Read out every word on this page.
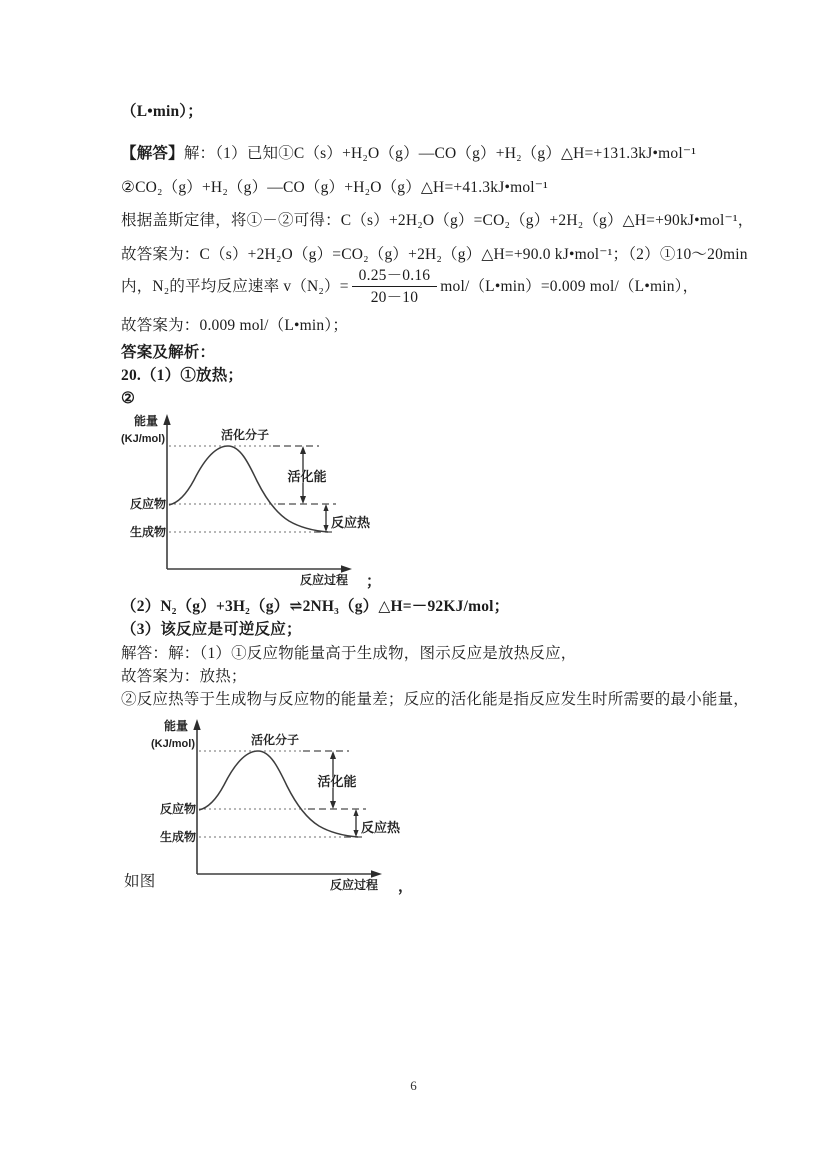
（L•min）；
【解答】解：（1）已知①C（s）+H₂O（g）—CO（g）+H₂（g）△H=+131.3kJ•mol⁻¹
②CO₂（g）+H₂（g）—CO（g）+H₂O（g）△H=+41.3kJ•mol⁻¹
根据盖斯定律，将①－②可得：C（s）+2H₂O（g）=CO₂（g）+2H₂（g）△H=+90kJ•mol⁻¹，
故答案为：C（s）+2H₂O（g）=CO₂（g）+2H₂（g）△H=+90.0 kJ•mol⁻¹；（2）①10～20min
内，N₂的平均反应速率 $v(N_2)= \frac{0.25-0.16}{20-10}$ mol/（L•min）=0.009 mol/（L•min），
故答案为：0.009 mol/（L•min）；
答案及解析：
20.（1）①放热；
②
能量
(KJ/mol)	活化分子
活化能
反应物
生成物
反应热
反应过程 ；
（2）N₂（g）+3H₂（g）⇌2NH₃（g）△H=－92KJ/mol；
（3）该反应是可逆反应；
解答：解：（1）①反应物能量高于生成物，图示反应是放热反应，
故答案为：放热；
②反应热等于生成物与反应物的能量差；反应的活化能是指反应发生时所需要的最小能量，
能量
(KJ/mol)	活化分子
活化能
反应物
生成物
反应热
反应过程 ，
如图
6
